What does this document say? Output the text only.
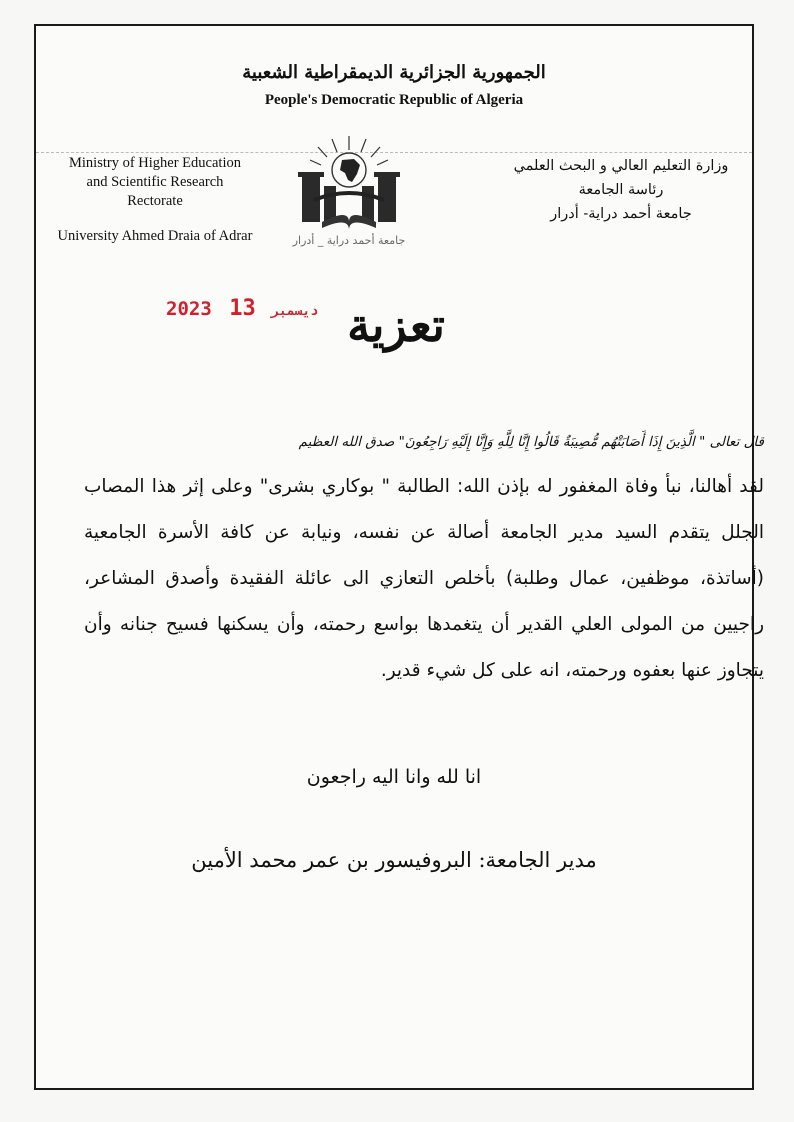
الجمهورية الجزائرية الديمقراطية الشعبية
People's Democratic Republic of Algeria
Ministry of Higher Education
and Scientific Research
Rectorate
University Ahmed Draia of Adrar	جامعة أحمد دراية _ أدرار
وزارة التعليم العالي و البحث العلمي
رئاسة الجامعة
جامعة أحمد دراية- أدرار
2023	ديسمبر 13	تعزية

قال تعالى " الَّذِينَ إِذَا أَصَابَتْهُم مُّصِيبَةٌ قَالُوا إِنَّا لِلَّهِ وَإِنَّا إِلَيْهِ رَاجِعُونَ" صدق الله العظيم

لقد أهالنا، نبأ وفاة المغفور له بإذن الله: الطالبة " بوكاري بشرى" وعلى إثر هذا المصاب الجلل يتقدم السيد مدير الجامعة أصالة عن نفسه، ونيابة عن كافة الأسرة الجامعية (أساتذة، موظفين، عمال وطلبة) بأخلص التعازي الى عائلة الفقيدة وأصدق المشاعر، راجيين من المولى العلي القدير أن يتغمدها بواسع رحمته، وأن يسكنها فسيح جنانه وأن يتجاوز عنها بعفوه ورحمته، انه على كل شيء قدير.

انا لله وانا اليه راجعون
مدير الجامعة: البروفيسور بن عمر محمد الأمين
